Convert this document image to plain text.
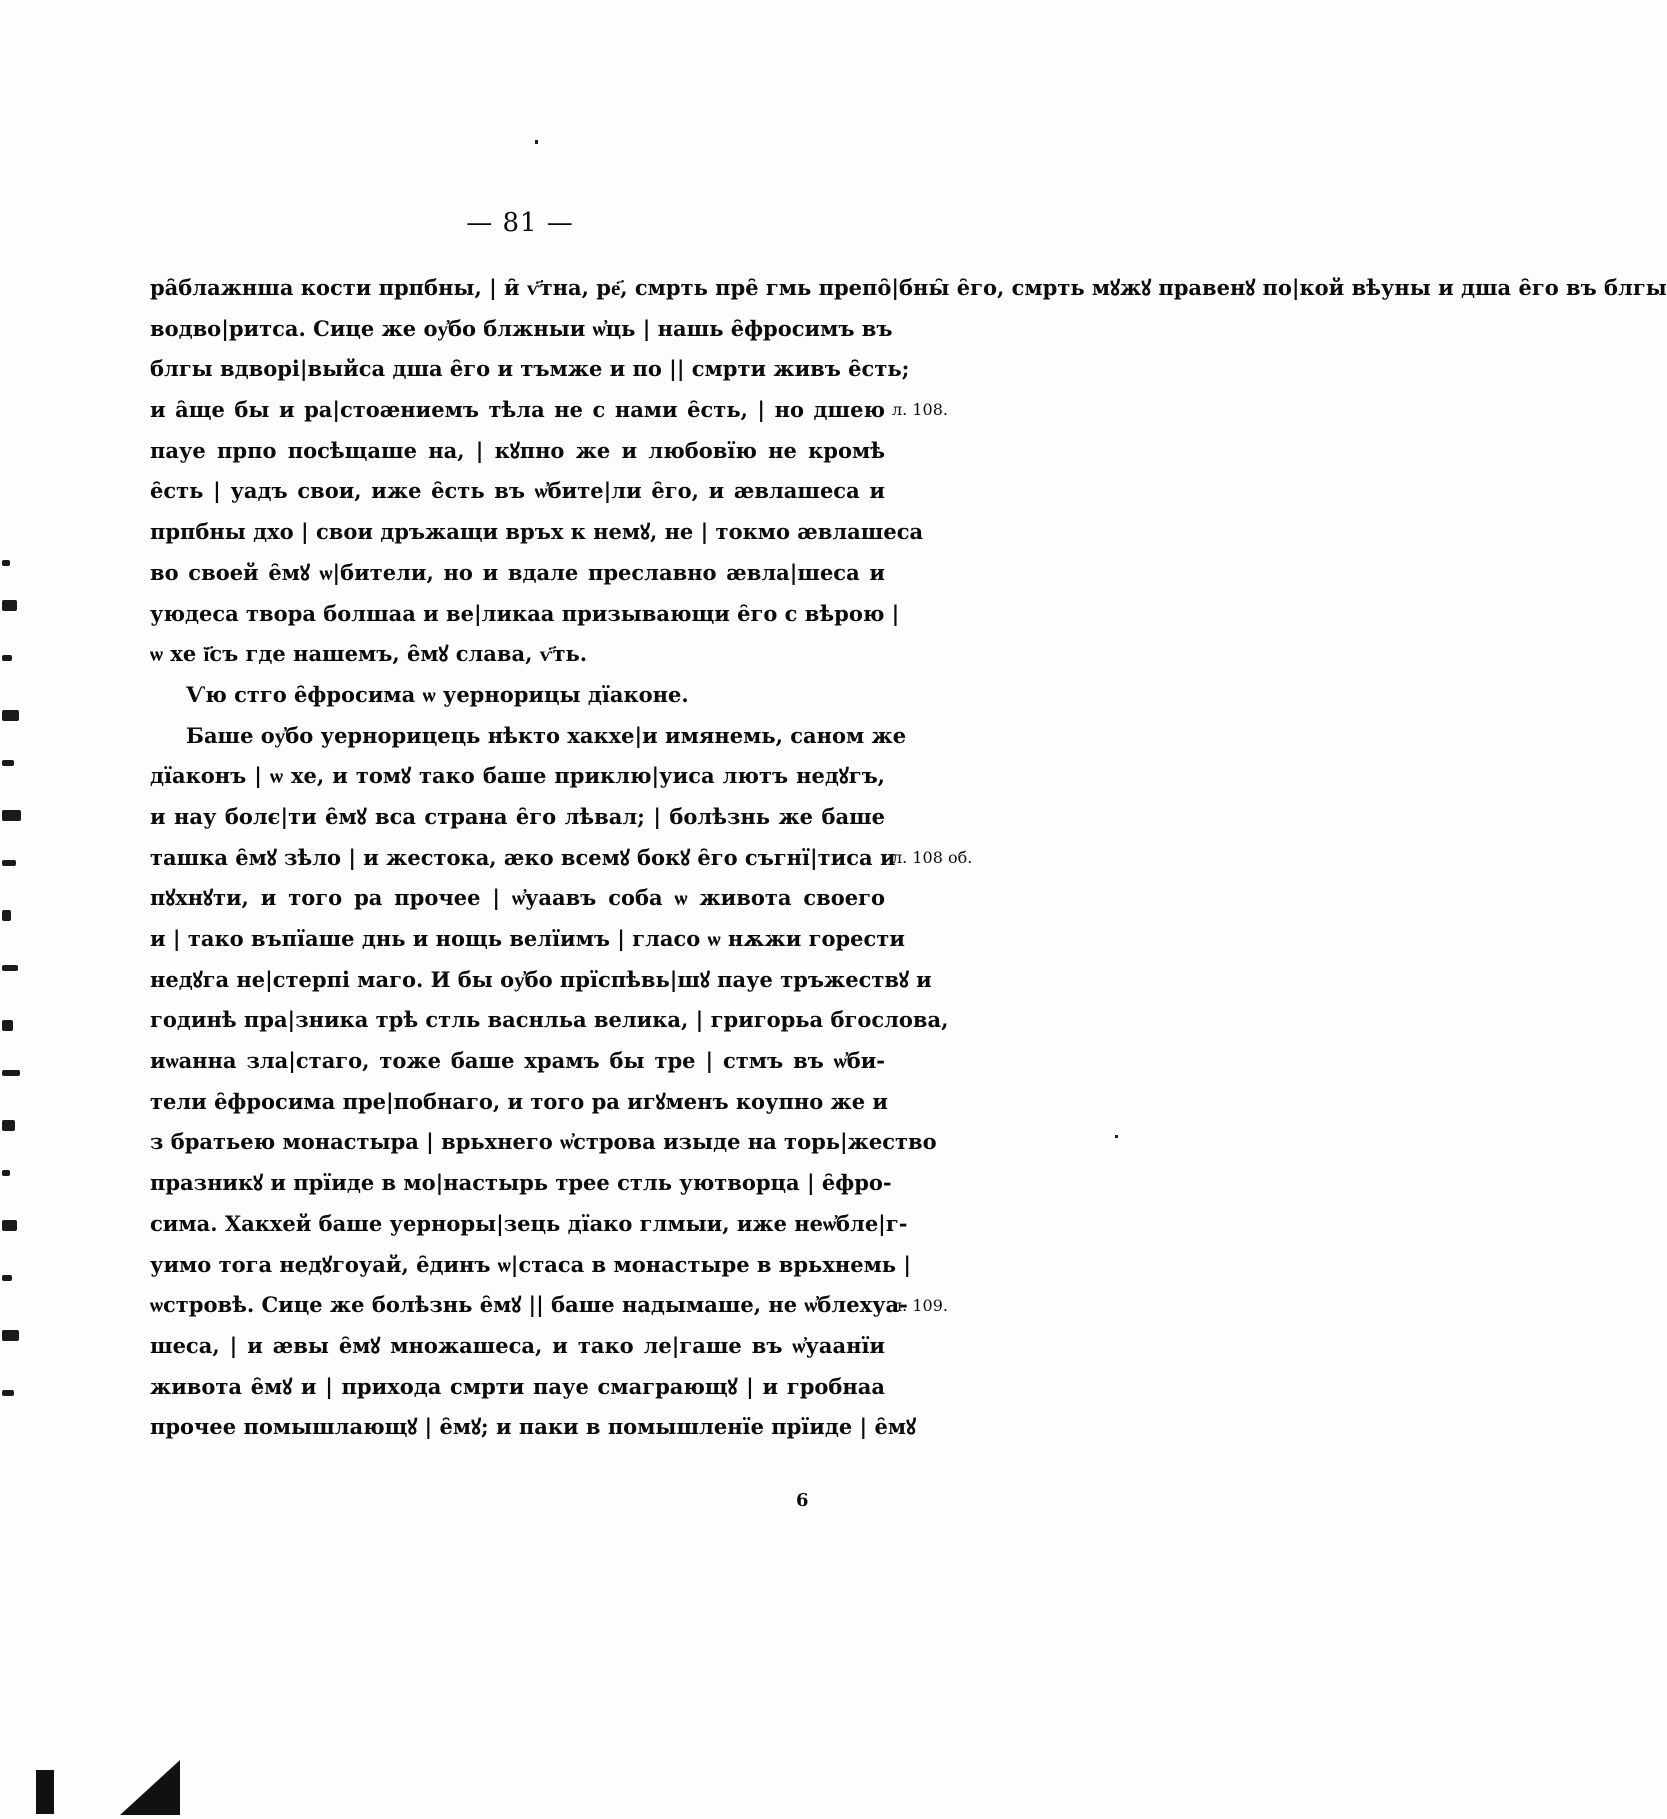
— 81 —
ра̑блажнша кости прпбны, | и̑ ѵ҃тна, ре҃, смрть пре̑ гмь препо̑|бны̑ е̑го, смрть мꙋжꙋ правенꙋ по|кой вѣуны и дша е̑го въ блгы
водво|ритса. Сице же оу҆бо блжныи ѡ҆ць | нашь е̑фросимъ въ
блгы вдворі|выйса дша е̑го и тъмже и по || смрти живъ е̑сть;
и а̑ще бы и ра|стоӕниемъ тѣла не с нами е̑сть, | но дшею
пауе прпо посѣщаше на, | кꙋпно же и любовїю не кромѣ
е̑сть | уадъ свои, иже е̑сть въ ѡ҆бите|ли е̑го, и ӕвлашеса и
прпбны дхо | свои дръжащи връх к немꙋ, не | токмо ӕвлашеса
во своей е̑мꙋ ѡ|бители, но и вдале преславно ӕвла|шеса и
уюдеса твора болшаа и ве|ликаа призывающи е̑го с вѣрою |
ѡ хе ї҃съ где нашемъ, е̑мꙋ слава, ѵ҃ть.
Ѵю стго е̑фросима ѡ уернорицы дїаконе.
Баше оу҆бо уернорицець нѣкто хакхе|и имянемь, саном же
дїаконъ | ѡ хе, и томꙋ тако баше приклю|уиса лютъ недꙋгъ,
и нау болє|ти е̑мꙋ вса страна е̑го лѣвал; | болѣзнь же баше
ташка е̑мꙋ зѣло | и жестока, ӕко всемꙋ бокꙋ е̑го съгнї|тиса и
пꙋхнꙋти, и того ра прочее | ѡ҆уаавъ соба ѡ живота своего
и | тако въпїаше днь и нощь велїимъ | гласо ѡ нѫжи горести
недꙋга не|стерпі маго. И бы оу҆бо прїспѣвь|шꙋ пауе тръжествꙋ и
годинѣ пра|зника трѣ стль васнльа велика, | григорьа бгослова,
иѡанна зла|стаго, тоже баше храмъ бы тре | стмъ въ ѡ҆би-
тели е̑фросима пре|побнаго, и того ра игꙋменъ коупно же и
з братьею монастыра | врьхнего ѡ҆строва изыде на торь|жество
празникꙋ и прїиде в мо|настырь трее стль уютворца | е̑фро-
сима. Хакхей баше уерноры|зець дїако глмыи, иже неѡ҆бле|г-
уимо тога недꙋгоуай, е̑динъ ѡ|стаса в монастыре в врьхнемь |
ѡстровѣ. Сице же болѣзнь е̑мꙋ || баше надымаше, не ѡ҆блехуа-
шеса, | и ӕвы е̑мꙋ множашеса, и тако ле|гаше въ ѡ҆уаанїи
живота е̑мꙋ и | прихода смрти пауе смаграющꙋ | и гробнаа
прочее помышлающꙋ | е̑мꙋ; и паки в помышленїе прїиде | е̑мꙋ
6
л. 108.
л. 108 об.
л. 109.
